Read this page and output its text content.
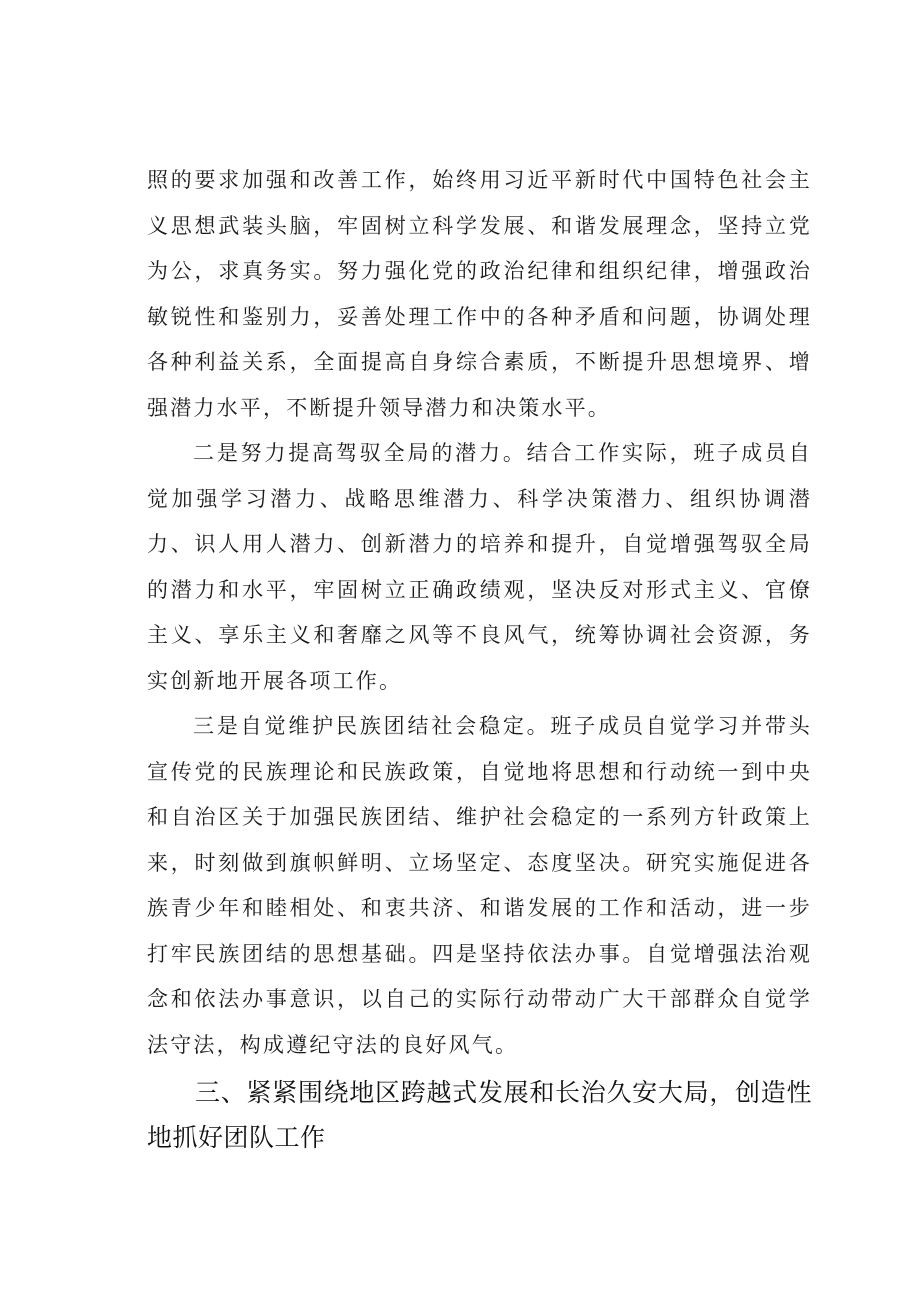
照的要求加强和改善工作，始终用习近平新时代中国特色社会主义思想武装头脑，牢固树立科学发展、和谐发展理念，坚持立党为公，求真务实。努力强化党的政治纪律和组织纪律，增强政治敏锐性和鉴别力，妥善处理工作中的各种矛盾和问题，协调处理各种利益关系，全面提高自身综合素质，不断提升思想境界、增强潜力水平，不断提升领导潜力和决策水平。

二是努力提高驾驭全局的潜力。结合工作实际，班子成员自觉加强学习潜力、战略思维潜力、科学决策潜力、组织协调潜力、识人用人潜力、创新潜力的培养和提升，自觉增强驾驭全局的潜力和水平，牢固树立正确政绩观，坚决反对形式主义、官僚主义、享乐主义和奢靡之风等不良风气，统筹协调社会资源，务实创新地开展各项工作。

三是自觉维护民族团结社会稳定。班子成员自觉学习并带头宣传党的民族理论和民族政策，自觉地将思想和行动统一到中央和自治区关于加强民族团结、维护社会稳定的一系列方针政策上来，时刻做到旗帜鲜明、立场坚定、态度坚决。研究实施促进各族青少年和睦相处、和衷共济、和谐发展的工作和活动，进一步打牢民族团结的思想基础。四是坚持依法办事。自觉增强法治观念和依法办事意识，以自己的实际行动带动广大干部群众自觉学法守法，构成遵纪守法的良好风气。

三、紧紧围绕地区跨越式发展和长治久安大局，创造性地抓好团队工作
